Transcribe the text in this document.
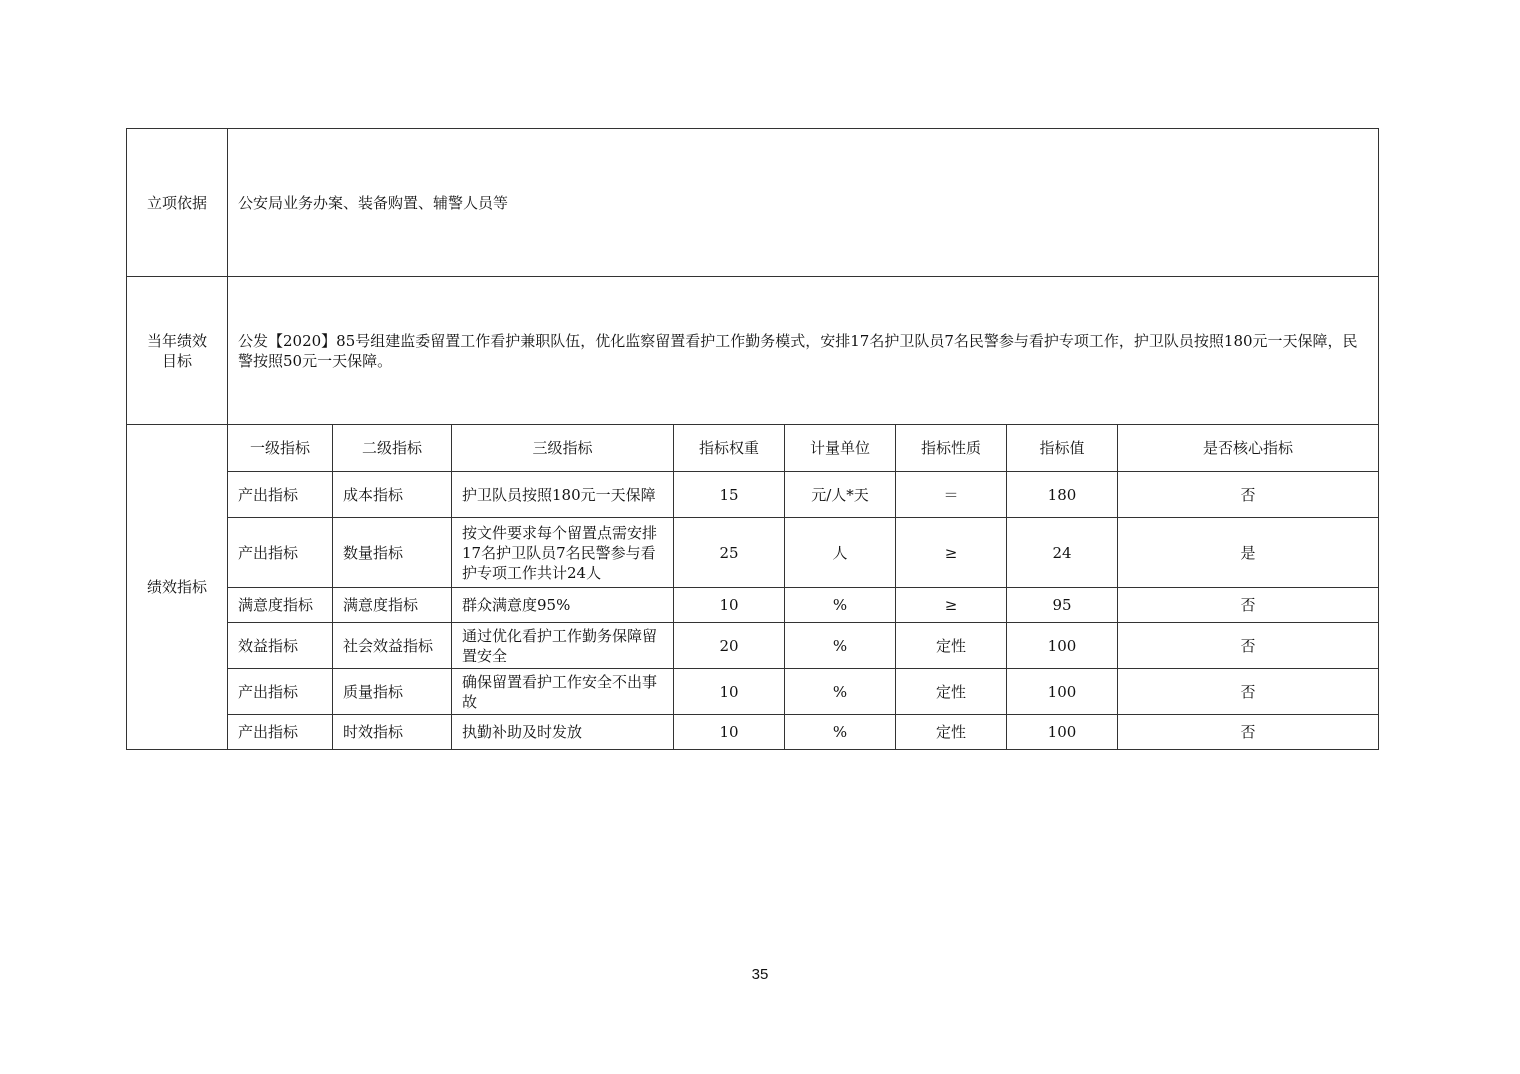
立项依据	公安局业务办案、装备购置、辅警人员等							
当年绩效
目标	公发【2020】85号组建监委留置工作看护兼职队伍，优化监察留置看护工作勤务模式，安排17名护卫队员7名民警参与看护专项工作，护卫队员按照180元一天保障，民警按照50元一天保障。							
绩效指标	一级指标	二级指标	三级指标	指标权重	计量单位	指标性质	指标值	是否核心指标
	产出指标	成本指标	护卫队员按照180元一天保障	15	元/人*天	＝	180	否
	产出指标	数量指标	按文件要求每个留置点需安排17名护卫队员7名民警参与看护专项工作共计24人	25	人	≥	24	是
	满意度指标	满意度指标	群众满意度95%	10	%	≥	95	否
	效益指标	社会效益指标	通过优化看护工作勤务保障留置安全	20	%	定性	100	否
	产出指标	质量指标	确保留置看护工作安全不出事故	10	%	定性	100	否
	产出指标	时效指标	执勤补助及时发放	10	%	定性	100	否
35
